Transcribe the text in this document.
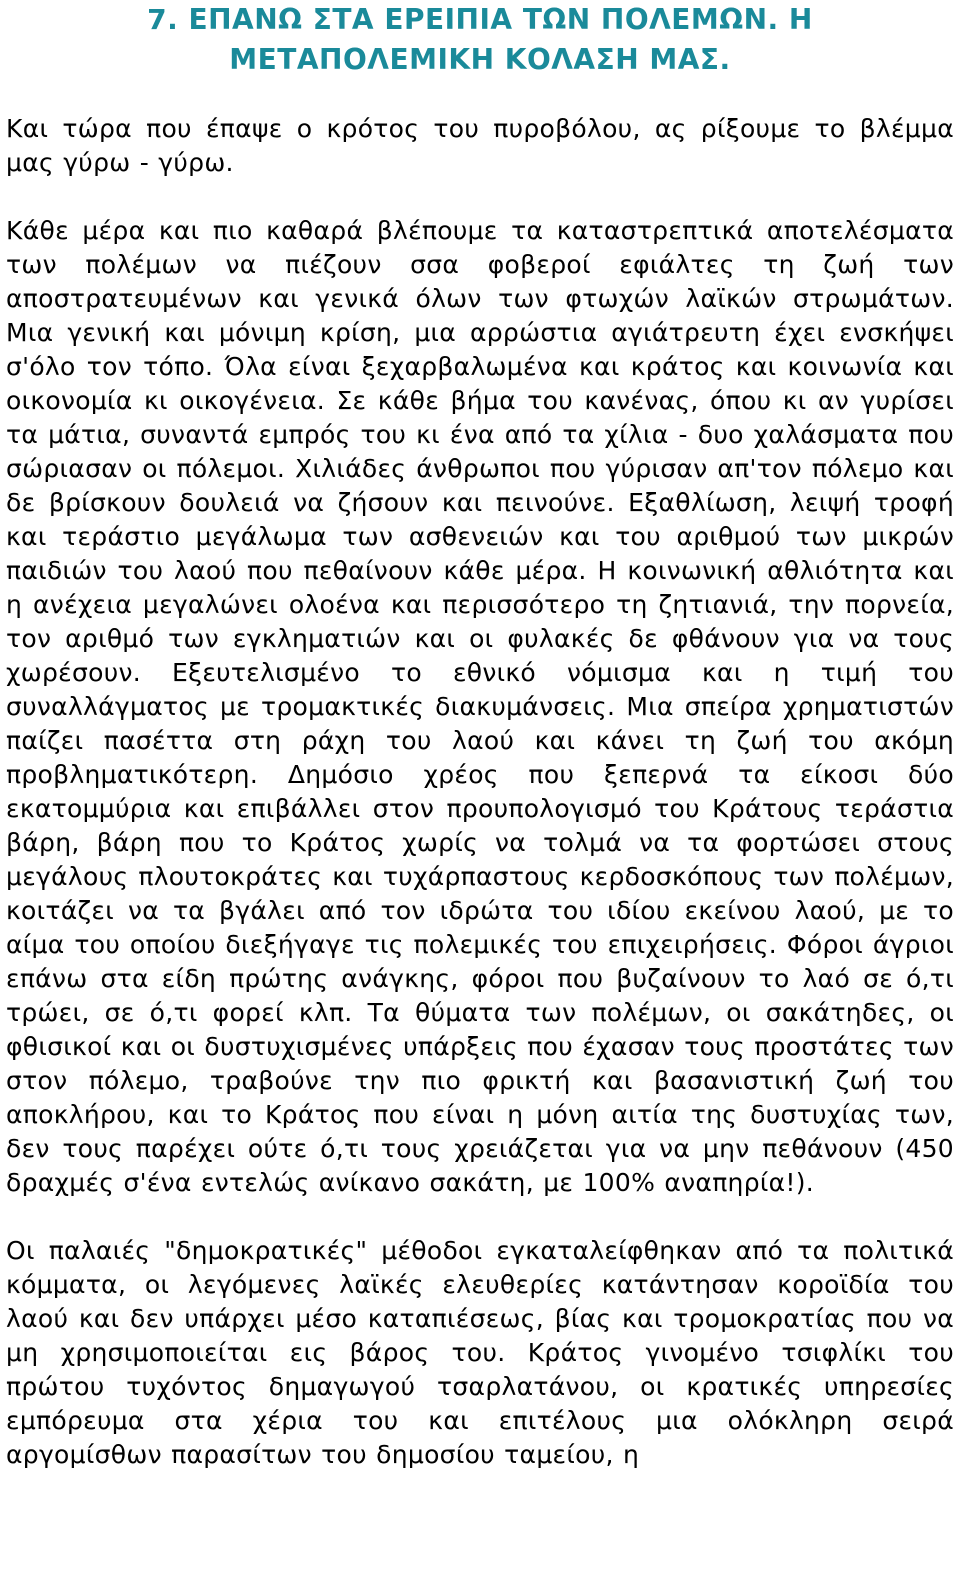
7. ΕΠΑΝΩ ΣΤΑ ΕΡΕΙΠΙΑ ΤΩΝ ΠΟΛΕΜΩΝ. Η
ΜΕΤΑΠΟΛΕΜΙΚΗ ΚΟΛΑΣΗ ΜΑΣ.

Και τώρα που έπαψε ο κρότος του πυροβόλου, ας ρίξουμε το βλέμμα μας γύρω - γύρω.

Κάθε μέρα και πιο καθαρά βλέπουμε τα καταστρεπτικά αποτελέσματα των πολέμων να πιέζουν σσα φοβεροί εφιάλτες τη ζωή των αποστρατευμένων και γενικά όλων των φτωχών λαϊκών στρωμάτων. Μια γενική και μόνιμη κρίση, μια αρρώστια αγιάτρευτη έχει ενσκήψει σ'όλο τον τόπο. Όλα είναι ξεχαρβαλωμένα και κράτος και κοινωνία και οικονομία κι οικογένεια. Σε κάθε βήμα του κανένας, όπου κι αν γυρίσει τα μάτια, συναντά εμπρός του κι ένα από τα χίλια - δυο χαλάσματα που σώριασαν οι πόλεμοι. Χιλιάδες άνθρωποι που γύρισαν απ'τον πόλεμο και δε βρίσκουν δουλειά να ζήσουν και πεινούνε. Εξαθλίωση, λειψή τροφή και τεράστιο μεγάλωμα των ασθενειών και του αριθμού των μικρών παιδιών του λαού που πεθαίνουν κάθε μέρα. Η κοινωνική αθλιότητα και η ανέχεια μεγαλώνει ολοένα και περισσότερο τη ζητιανιά, την πορνεία, τον αριθμό των εγκληματιών και οι φυλακές δε φθάνουν για να τους χωρέσουν. Εξευτελισμένο το εθνικό νόμισμα και η τιμή του συναλλάγματος με τρομακτικές διακυμάνσεις. Μια σπείρα χρηματιστών παίζει πασέττα στη ράχη του λαού και κάνει τη ζωή του ακόμη προβληματικότερη. Δημόσιο χρέος που ξεπερνά τα είκοσι δύο εκατομμύρια και επιβάλλει στον προυπολογισμό του Κράτους τεράστια βάρη, βάρη που το Κράτος χωρίς να τολμά να τα φορτώσει στους μεγάλους πλουτοκράτες και τυχάρπαστους κερδοσκόπους των πολέμων, κοιτάζει να τα βγάλει από τον ιδρώτα του ιδίου εκείνου λαού, με το αίμα του οποίου διεξήγαγε τις πολεμικές του επιχειρήσεις. Φόροι άγριοι επάνω στα είδη πρώτης ανάγκης, φόροι που βυζαίνουν το λαό σε ό,τι τρώει, σε ό,τι φορεί κλπ. Τα θύματα των πολέμων, οι σακάτηδες, οι φθισικοί και οι δυστυχισμένες υπάρξεις που έχασαν τους προστάτες των στον πόλεμο, τραβούνε την πιο φρικτή και βασανιστική ζωή του αποκλήρου, και το Κράτος που είναι η μόνη αιτία της δυστυχίας των, δεν τους παρέχει ούτε ό,τι τους χρειάζεται για να μην πεθάνουν (450 δραχμές σ'ένα εντελώς ανίκανο σακάτη, με 100% αναπηρία!).

Οι παλαιές "δημοκρατικές" μέθοδοι εγκαταλείφθηκαν από τα πολιτικά κόμματα, οι λεγόμενες λαϊκές ελευθερίες κατάντησαν κοροϊδία του λαού και δεν υπάρχει μέσο καταπιέσεως, βίας και τρομοκρατίας που να μη χρησιμοποιείται εις βάρος του. Κράτος γινομένο τσιφλίκι του πρώτου τυχόντος δημαγωγού τσαρλατάνου, οι κρατικές υπηρεσίες εμπόρευμα στα χέρια του και επιτέλους μια ολόκληρη σειρά αργομίσθων παρασίτων του δημοσίου ταμείου, η
